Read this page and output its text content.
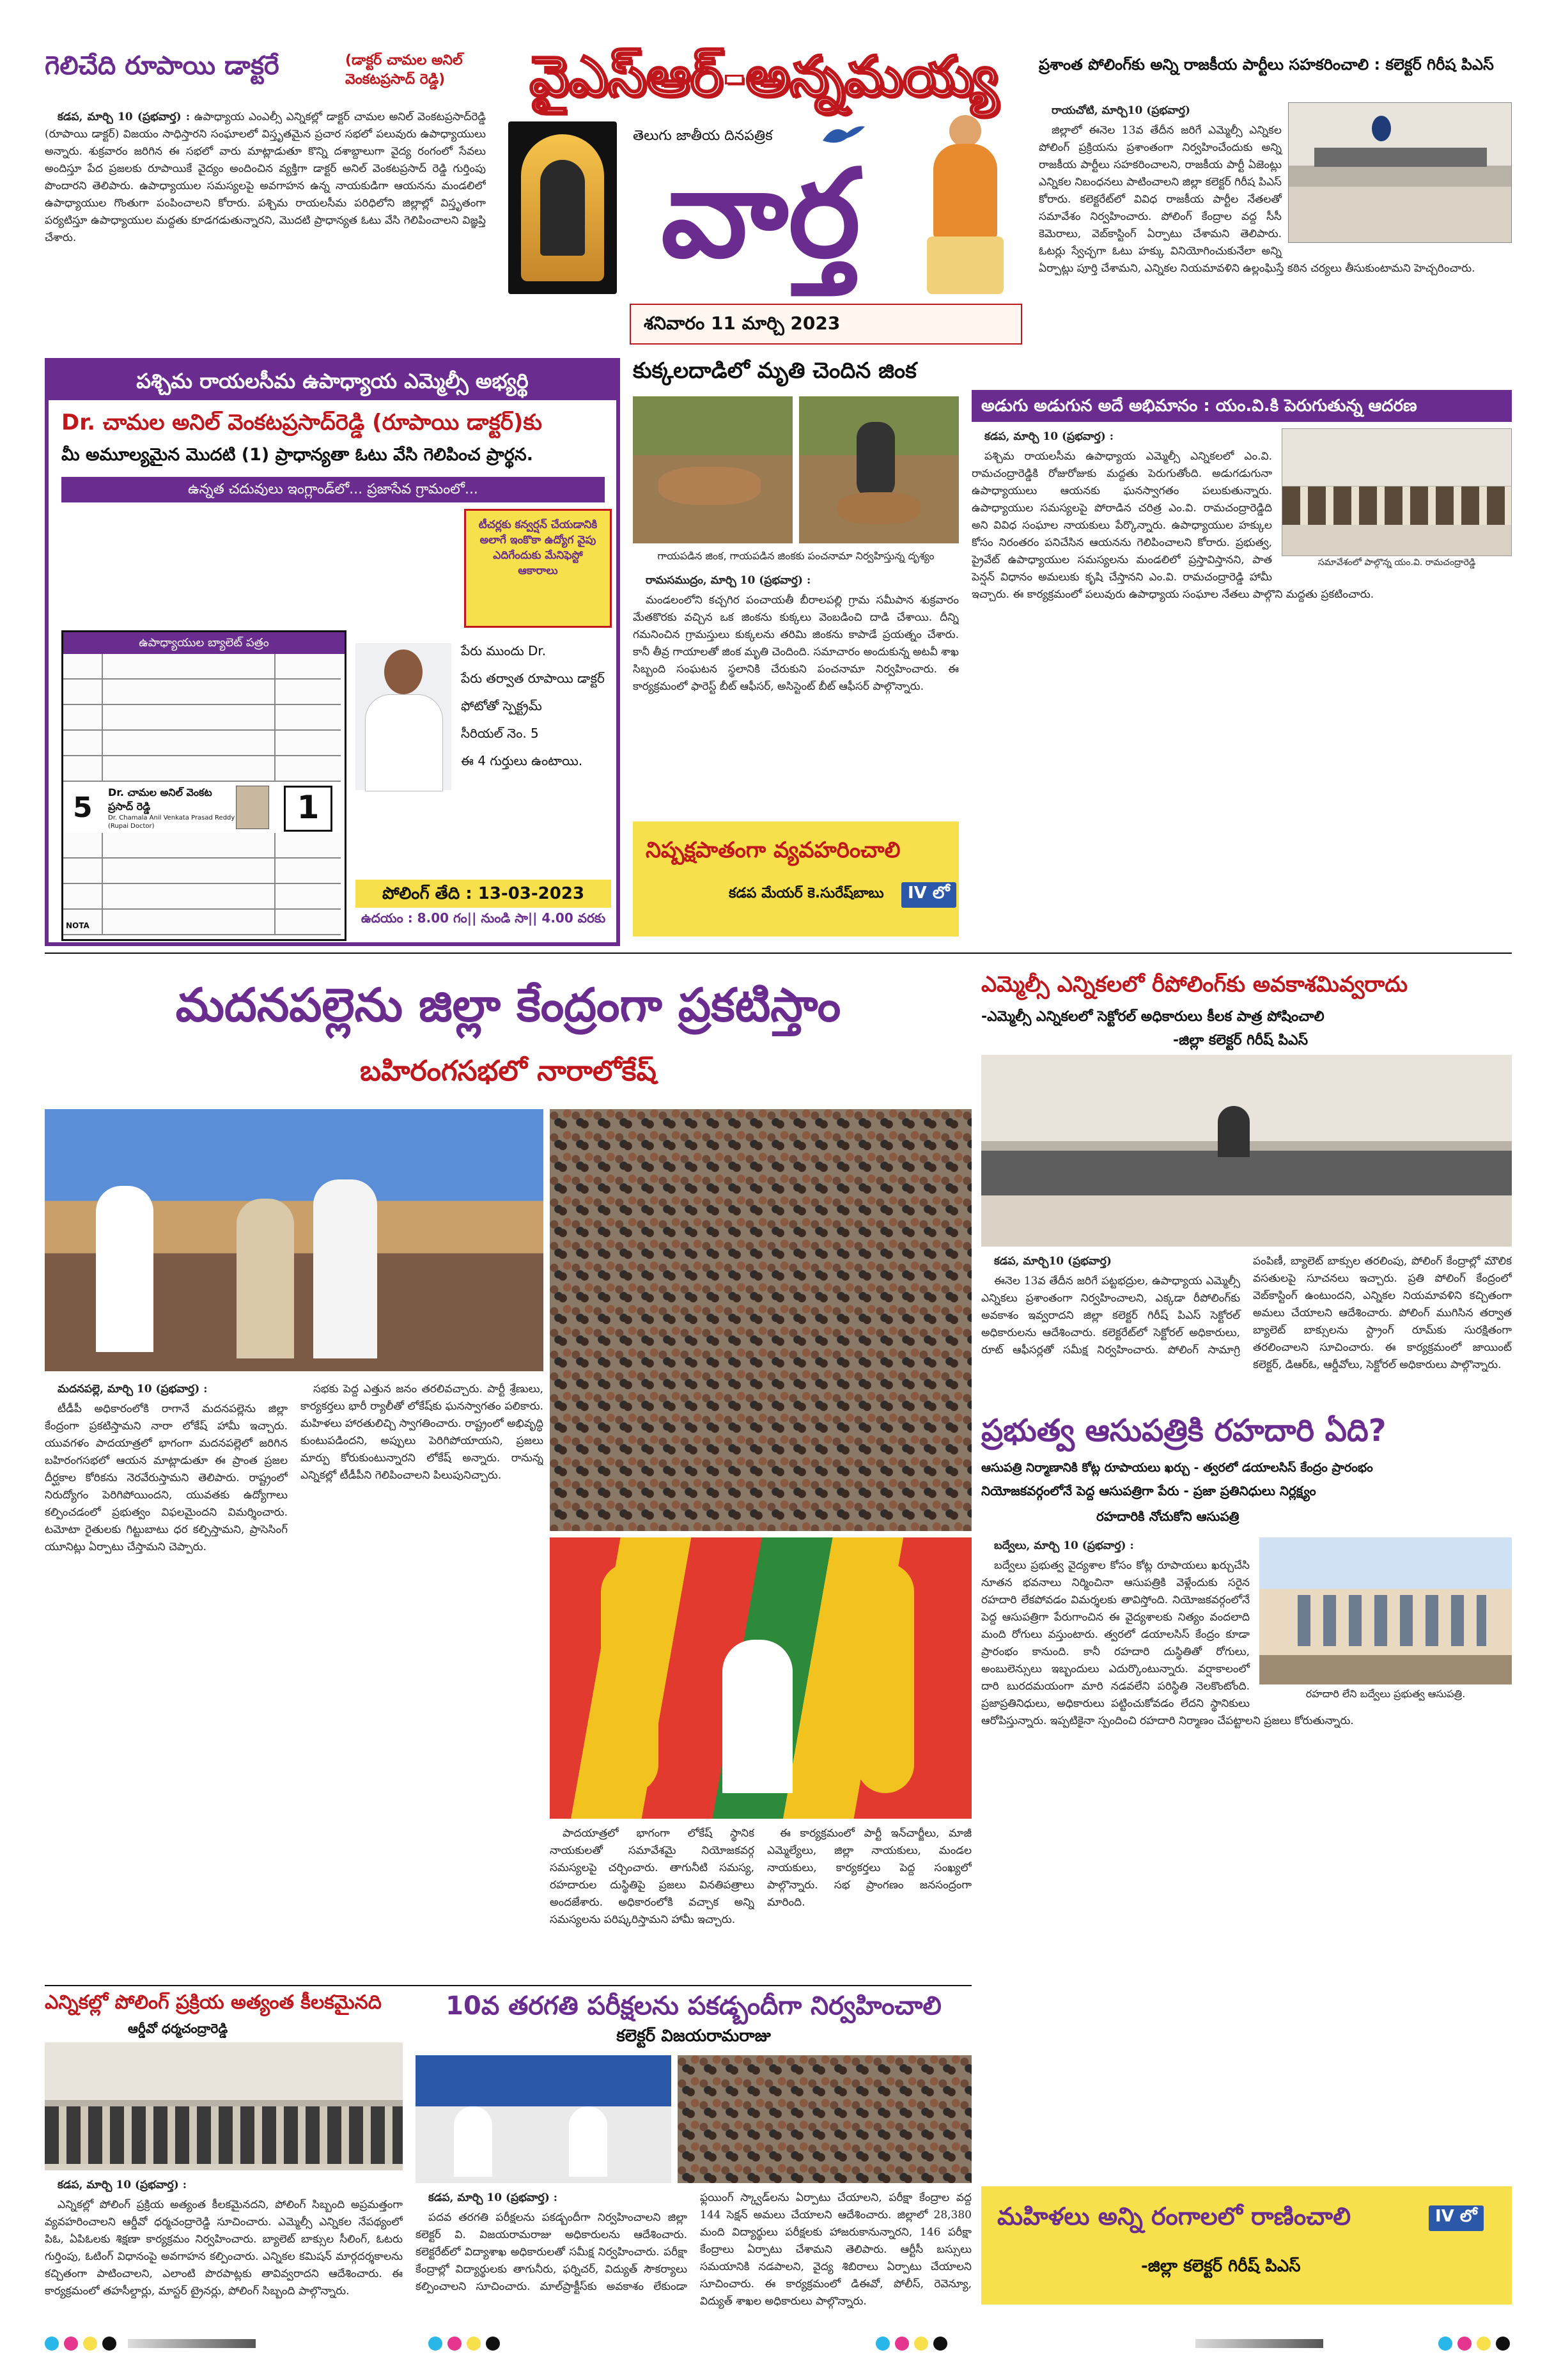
గెలిచేది రూపాయి డాక్టరే	(డాక్టర్ చామల అనిల్ వెంకటప్రసాద్ రెడ్డి)

కడప, మార్చి 10 (ప్రభవార్త) : ఉపాధ్యాయ ఎంఎల్సీ ఎన్నికల్లో డాక్టర్ చామల అనిల్ వెంకటప్రసాద్‌రెడ్డి (రూపాయి డాక్టర్) విజయం సాధిస్తారని సంఘాలలో విస్తృతమైన ప్రచార సభలో పలువురు ఉపాధ్యాయులు అన్నారు. శుక్రవారం జరిగిన ఈ సభలో వారు మాట్లాడుతూ కొన్ని దశాబ్దాలుగా వైద్య రంగంలో సేవలు అందిస్తూ పేద ప్రజలకు రూపాయికే వైద్యం అందించిన వ్యక్తిగా డాక్టర్ అనిల్ వెంకటప్రసాద్ రెడ్డి గుర్తింపు పొందారని తెలిపారు. ఉపాధ్యాయుల సమస్యలపై అవగాహన ఉన్న నాయకుడిగా ఆయనను మండలిలో ఉపాధ్యాయుల గొంతుగా పంపించాలని కోరారు. పశ్చిమ రాయలసీమ పరిధిలోని జిల్లాల్లో విస్తృతంగా పర్యటిస్తూ ఉపాధ్యాయుల మద్దతు కూడగడుతున్నారని, మొదటి ప్రాధాన్యత ఓటు వేసి గెలిపించాలని విజ్ఞప్తి చేశారు.

వైఎస్ఆర్-అన్నమయ్య
తెలుగు జాతీయ దినపత్రిక
వార్త
శనివారం 11 మార్చి 2023
ప్రశాంత పోలింగ్‌కు అన్ని రాజకీయ పార్టీలు సహకరించాలి : కలెక్టర్ గిరీష పిఎస్

రాయచోటి, మార్చి10 (ప్రభవార్త)

జిల్లాలో ఈనెల 13వ తేదీన జరిగే ఎమ్మెల్సీ ఎన్నికల పోలింగ్ ప్రక్రియను ప్రశాంతంగా నిర్వహించేందుకు అన్ని రాజకీయ పార్టీలు సహకరించాలని, రాజకీయ పార్టీ ఏజెంట్లు ఎన్నికల నిబంధనలు పాటించాలని జిల్లా కలెక్టర్ గిరీష పిఎస్ కోరారు. కలెక్టరేట్‌లో వివిధ రాజకీయ పార్టీల నేతలతో సమావేశం నిర్వహించారు. పోలింగ్ కేంద్రాల వద్ద సీసీ కెమెరాలు, వెబ్‌కాస్టింగ్ ఏర్పాటు చేశామని తెలిపారు. ఓటర్లు స్వేచ్ఛగా ఓటు హక్కు వినియోగించుకునేలా అన్ని ఏర్పాట్లు పూర్తి చేశామని, ఎన్నికల నియమావళిని ఉల్లంఘిస్తే కఠిన చర్యలు తీసుకుంటామని హెచ్చరించారు.

పశ్చిమ రాయలసీమ ఉపాధ్యాయ ఎమ్మెల్సీ అభ్యర్థి
Dr. చామల అనిల్ వెంకటప్రసాద్‌రెడ్డి (రూపాయి డాక్టర్)కు
మీ అమూల్యమైన మొదటి (1) ప్రాధాన్యతా ఓటు వేసి గెలిపించ ప్రార్థన.
ఉన్నత చదువులు ఇంగ్లాండ్‌లో... ప్రజాసేవ గ్రామంలో...
టీచర్లకు కన్వర్షన్ చేయడానికి అలాగే ఇంకొకా ఉద్యోగ వైపు ఎదిగేందుకు మేనిఫెస్టో ఆకారాలు
ఉపాధ్యాయుల బ్యాలెట్ పత్రం
5 Dr. చామల అనిల్ వెంకట ప్రసాద్ రెడ్డి
Dr. Chamala Anil Venkata Prasad Reddy (Rupai Doctor)
1
NOTA
పేరు ముందు Dr.
పేరు తర్వాత రూపాయి డాక్టర్
ఫోటోతో స్పెక్ట్రమ్
సీరియల్ నెం. 5
ఈ 4 గుర్తులు ఉంటాయి.
పోలింగ్ తేది : 13-03-2023
ఉదయం : 8.00 గం|| నుండి సా|| 4.00 వరకు
కుక్కలదాడిలో మృతి చెందిన జింక
గాయపడిన జింక, గాయపడిన జింకకు పంచనామా నిర్వహిస్తున్న దృశ్యం

రామసముద్రం, మార్చి 10 (ప్రభవార్త) :

మండలంలోని కచ్చగిర పంచాయతీ బీరాలపల్లి గ్రామ సమీపాన శుక్రవారం మేతకొరకు వచ్చిన ఒక జింకను కుక్కలు వెంబడించి దాడి చేశాయి. దీన్ని గమనించిన గ్రామస్తులు కుక్కలను తరిమి జింకను కాపాడే ప్రయత్నం చేశారు. కానీ తీవ్ర గాయాలతో జింక మృతి చెందింది. సమాచారం అందుకున్న అటవీ శాఖ సిబ్బంది సంఘటన స్థలానికి చేరుకుని పంచనామా నిర్వహించారు. ఈ కార్యక్రమంలో ఫారెస్ట్ బీట్ ఆఫీసర్, అసిస్టెంట్ బీట్ ఆఫీసర్ పాల్గొన్నారు.

నిష్పక్షపాతంగా వ్యవహరించాలి
కడప మేయర్ కె.సురేష్‌బాబు	IV లో
అడుగు అడుగున అదే అభిమానం : యం.వి.కి పెరుగుతున్న ఆదరణ
సమావేశంలో పాల్గొన్న యం.వి. రామచంద్రారెడ్డి

కడప, మార్చి 10 (ప్రభవార్త) :

పశ్చిమ రాయలసీమ ఉపాధ్యాయ ఎమ్మెల్సీ ఎన్నికలలో ఎం.వి. రామచంద్రారెడ్డికి రోజురోజుకు మద్దతు పెరుగుతోంది. అడుగడుగునా ఉపాధ్యాయులు ఆయనకు ఘనస్వాగతం పలుకుతున్నారు. ఉపాధ్యాయుల సమస్యలపై పోరాడిన చరిత్ర ఎం.వి. రామచంద్రారెడ్డిది అని వివిధ సంఘాల నాయకులు పేర్కొన్నారు. ఉపాధ్యాయుల హక్కుల కోసం నిరంతరం పనిచేసిన ఆయనను గెలిపించాలని కోరారు. ప్రభుత్వ, ప్రైవేట్ ఉపాధ్యాయుల సమస్యలను మండలిలో ప్రస్తావిస్తానని, పాత పెన్షన్ విధానం అమలుకు కృషి చేస్తానని ఎం.వి. రామచంద్రారెడ్డి హామీ ఇచ్చారు. ఈ కార్యక్రమంలో పలువురు ఉపాధ్యాయ సంఘాల నేతలు పాల్గొని మద్దతు ప్రకటించారు.

మదనపల్లెను జిల్లా కేంద్రంగా ప్రకటిస్తాం
బహిరంగసభలో నారాలోకేష్

మదనపల్లె, మార్చి 10 (ప్రభవార్త) :

టీడీపీ అధికారంలోకి రాగానే మదనపల్లెను జిల్లా కేంద్రంగా ప్రకటిస్తామని నారా లోకేష్ హామీ ఇచ్చారు. యువగళం పాదయాత్రలో భాగంగా మదనపల్లెలో జరిగిన బహిరంగసభలో ఆయన మాట్లాడుతూ ఈ ప్రాంత ప్రజల దీర్ఘకాల కోరికను నెరవేరుస్తామని తెలిపారు. రాష్ట్రంలో నిరుద్యోగం పెరిగిపోయిందని, యువతకు ఉద్యోగాలు కల్పించడంలో ప్రభుత్వం విఫలమైందని విమర్శించారు. టమోటా రైతులకు గిట్టుబాటు ధర కల్పిస్తామని, ప్రాసెసింగ్ యూనిట్లు ఏర్పాటు చేస్తామని చెప్పారు.

సభకు పెద్ద ఎత్తున జనం తరలివచ్చారు. పార్టీ శ్రేణులు, కార్యకర్తలు భారీ ర్యాలీతో లోకేష్‌కు ఘనస్వాగతం పలికారు. మహిళలు హారతులిచ్చి స్వాగతించారు. రాష్ట్రంలో అభివృద్ధి కుంటుపడిందని, అప్పులు పెరిగిపోయాయని, ప్రజలు మార్పు కోరుకుంటున్నారని లోకేష్ అన్నారు. రానున్న ఎన్నికల్లో టీడీపీని గెలిపించాలని పిలుపునిచ్చారు.

పాదయాత్రలో భాగంగా లోకేష్ స్థానిక నాయకులతో సమావేశమై నియోజకవర్గ సమస్యలపై చర్చించారు. తాగునీటి సమస్య, రహదారుల దుస్థితిపై ప్రజలు వినతిపత్రాలు అందజేశారు. అధికారంలోకి వచ్చాక అన్ని సమస్యలను పరిష్కరిస్తామని హామీ ఇచ్చారు.

ఈ కార్యక్రమంలో పార్టీ ఇన్‌చార్జీలు, మాజీ ఎమ్మెల్యేలు, జిల్లా నాయకులు, మండల నాయకులు, కార్యకర్తలు పెద్ద సంఖ్యలో పాల్గొన్నారు. సభ ప్రాంగణం జనసంద్రంగా మారింది.

ఎమ్మెల్సీ ఎన్నికలలో రీపోలింగ్‌కు అవకాశమివ్వరాదు
-ఎమ్మెల్సీ ఎన్నికలలో సెక్టోరల్ అధికారులు కీలక పాత్ర పోషించాలి
-జిల్లా కలెక్టర్ గిరీష్ పిఎస్

కడప, మార్చి10 (ప్రభవార్త)

ఈనెల 13వ తేదీన జరిగే పట్టభద్రుల, ఉపాధ్యాయ ఎమ్మెల్సీ ఎన్నికలు ప్రశాంతంగా నిర్వహించాలని, ఎక్కడా రీపోలింగ్‌కు అవకాశం ఇవ్వరాదని జిల్లా కలెక్టర్ గిరీష్ పిఎస్ సెక్టోరల్ అధికారులను ఆదేశించారు. కలెక్టరేట్‌లో సెక్టోరల్ అధికారులు, రూట్ ఆఫీసర్లతో సమీక్ష నిర్వహించారు. పోలింగ్ సామాగ్రి పంపిణీ, బ్యాలెట్ బాక్సుల తరలింపు, పోలింగ్ కేంద్రాల్లో మౌలిక వసతులపై సూచనలు ఇచ్చారు. ప్రతి పోలింగ్ కేంద్రంలో వెబ్‌కాస్టింగ్ ఉంటుందని, ఎన్నికల నియమావళిని కచ్చితంగా అమలు చేయాలని ఆదేశించారు. పోలింగ్ ముగిసిన తర్వాత బ్యాలెట్ బాక్సులను స్ట్రాంగ్ రూమ్‌కు సురక్షితంగా తరలించాలని సూచించారు. ఈ కార్యక్రమంలో జాయింట్ కలెక్టర్, డిఆర్ఓ, ఆర్డీవోలు, సెక్టోరల్ అధికారులు పాల్గొన్నారు.

ప్రభుత్వ ఆసుపత్రికి రహదారి ఏది?
ఆసుపత్రి నిర్మాణానికి కోట్ల రూపాయలు ఖర్చు - త్వరలో డయాలసిస్ కేంద్రం ప్రారంభం
నియోజకవర్గంలోనే పెద్ద ఆసుపత్రిగా పేరు - ప్రజా ప్రతినిధులు నిర్లక్ష్యం
రహదారికి నోచుకోని ఆసుపత్రి
రహదారి లేని బద్వేలు ప్రభుత్వ ఆసుపత్రి.

బద్వేలు, మార్చి 10 (ప్రభవార్త) :

బద్వేలు ప్రభుత్వ వైద్యశాల కోసం కోట్ల రూపాయలు ఖర్చుచేసి నూతన భవనాలు నిర్మించినా ఆసుపత్రికి వెళ్లేందుకు సరైన రహదారి లేకపోవడం విమర్శలకు తావిస్తోంది. నియోజకవర్గంలోనే పెద్ద ఆసుపత్రిగా పేరుగాంచిన ఈ వైద్యశాలకు నిత్యం వందలాది మంది రోగులు వస్తుంటారు. త్వరలో డయాలసిస్ కేంద్రం కూడా ప్రారంభం కానుంది. కానీ రహదారి దుస్థితితో రోగులు, అంబులెన్సులు ఇబ్బందులు ఎదుర్కొంటున్నారు. వర్షాకాలంలో దారి బురదమయంగా మారి నడవలేని పరిస్థితి నెలకొంటోంది. ప్రజాప్రతినిధులు, అధికారులు పట్టించుకోవడం లేదని స్థానికులు ఆరోపిస్తున్నారు. ఇప్పటికైనా స్పందించి రహదారి నిర్మాణం చేపట్టాలని ప్రజలు కోరుతున్నారు.

ఎన్నికల్లో పోలింగ్ ప్రక్రియ అత్యంత కీలకమైనది
ఆర్డీవో ధర్మచంద్రారెడ్డి

కడప, మార్చి 10 (ప్రభవార్త) :

ఎన్నికల్లో పోలింగ్ ప్రక్రియ అత్యంత కీలకమైనదని, పోలింగ్ సిబ్బంది అప్రమత్తంగా వ్యవహరించాలని ఆర్డీవో ధర్మచంద్రారెడ్డి సూచించారు. ఎమ్మెల్సీ ఎన్నికల నేపథ్యంలో పిఓ, ఏపిఓలకు శిక్షణా కార్యక్రమం నిర్వహించారు. బ్యాలెట్ బాక్సుల సీలింగ్, ఓటరు గుర్తింపు, ఓటింగ్ విధానంపై అవగాహన కల్పించారు. ఎన్నికల కమిషన్ మార్గదర్శకాలను కచ్చితంగా పాటించాలని, ఎలాంటి పొరపాట్లకు తావివ్వరాదని ఆదేశించారు. ఈ కార్యక్రమంలో తహసీల్దార్లు, మాస్టర్ ట్రైనర్లు, పోలింగ్ సిబ్బంది పాల్గొన్నారు.

10వ తరగతి పరీక్షలను పకడ్బందీగా నిర్వహించాలి
కలెక్టర్ విజయరామరాజు

కడప, మార్చి 10 (ప్రభవార్త) :

పదవ తరగతి పరీక్షలను పకడ్బందీగా నిర్వహించాలని జిల్లా కలెక్టర్ వి. విజయరామరాజు అధికారులను ఆదేశించారు. కలెక్టరేట్‌లో విద్యాశాఖ అధికారులతో సమీక్ష నిర్వహించారు. పరీక్షా కేంద్రాల్లో విద్యార్థులకు తాగునీరు, ఫర్నిచర్, విద్యుత్ సౌకర్యాలు కల్పించాలని సూచించారు. మాల్‌ప్రాక్టీస్‌కు అవకాశం లేకుండా ఫ్లయింగ్ స్క్వాడ్‌లను ఏర్పాటు చేయాలని, పరీక్షా కేంద్రాల వద్ద 144 సెక్షన్ అమలు చేయాలని ఆదేశించారు. జిల్లాలో 28,380 మంది విద్యార్థులు పరీక్షలకు హాజరుకానున్నారని, 146 పరీక్షా కేంద్రాలు ఏర్పాటు చేశామని తెలిపారు. ఆర్టీసీ బస్సులు సమయానికి నడపాలని, వైద్య శిబిరాలు ఏర్పాటు చేయాలని సూచించారు. ఈ కార్యక్రమంలో డిఈవో, పోలీస్, రెవెన్యూ, విద్యుత్ శాఖల అధికారులు పాల్గొన్నారు.

మహిళలు అన్ని రంగాలలో రాణించాలి	IV లో
-జిల్లా కలెక్టర్ గిరీష్ పిఎస్
